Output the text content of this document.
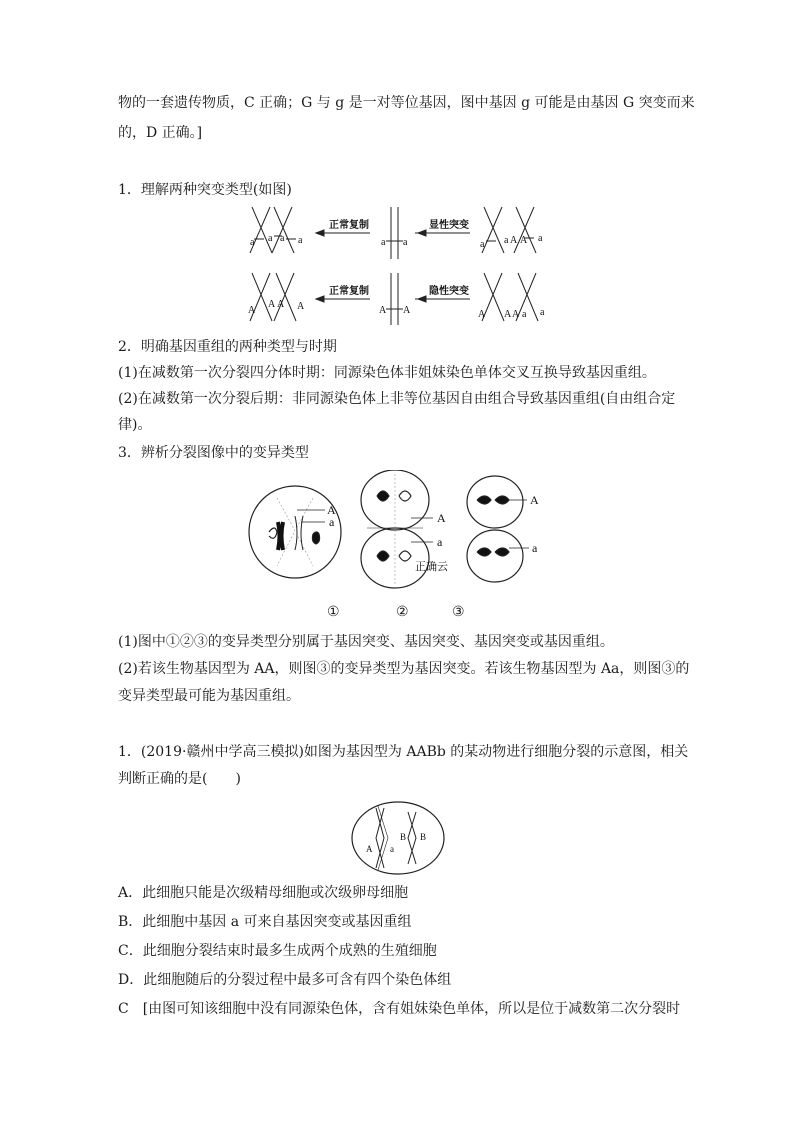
物的一套遗传物质，C 正确；G 与 g 是一对等位基因，图中基因 g 可能是由基因 G 突变而来
的，D 正确。]
1．理解两种突变类型(如图)
a a a a
正常复制
a a
显性突变
a a A A a
A
A A A
正常复制
A A
隐性突变
A A A a a
2．明确基因重组的两种类型与时期
(1)在减数第一次分裂四分体时期：同源染色体非姐妹染色单体交叉互换导致基因重组。
(2)在减数第一次分裂后期：非同源染色体上非等位基因自由组合导致基因重组(自由组合定
律)。
3．辨析分裂图像中的变异类型
A
a	A
a
正确云
A
a
①	②	③
(1)图中①②③的变异类型分别属于基因突变、基因突变、基因突变或基因重组。
(2)若该生物基因型为 AA，则图③的变异类型为基因突变。若该生物基因型为 Aa，则图③的
变异类型最可能为基因重组。
1．(2019·赣州中学高三模拟)如图为基因型为 AABb 的某动物进行细胞分裂的示意图，相关
判断正确的是(　　)
A a
B B
A．此细胞只能是次级精母细胞或次级卵母细胞
B．此细胞中基因 a 可来自基因突变或基因重组
C．此细胞分裂结束时最多生成两个成熟的生殖细胞
D．此细胞随后的分裂过程中最多可含有四个染色体组
C　[由图可知该细胞中没有同源染色体，含有姐妹染色单体，所以是位于减数第二次分裂时
